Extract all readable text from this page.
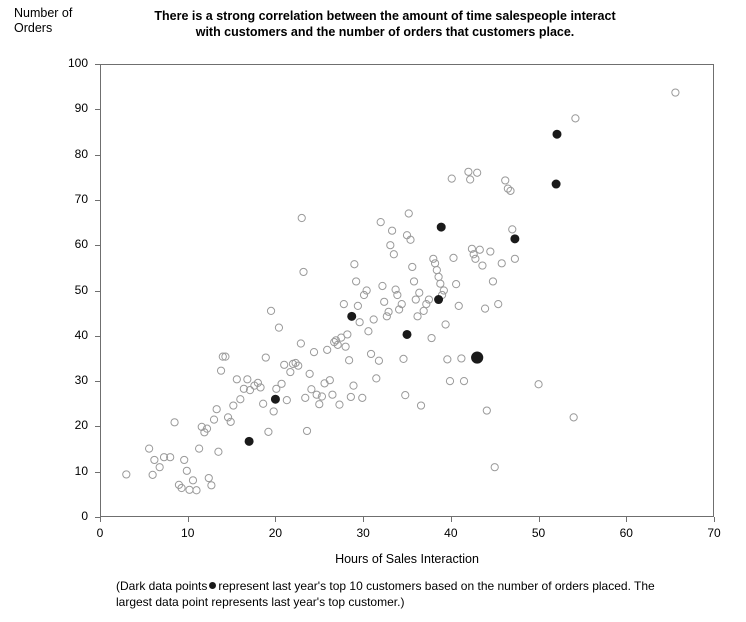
Number of
Orders
There is a strong correlation between the amount of time salespeople interact with customers and the number of orders that customers place.
0
10
20
30
40
50
60
70
80
90
100
0	10	20	30	40	50	60	70
Hours of Sales Interaction
(Dark data points represent last year's top 10 customers based on the number of orders placed. The largest data point represents last year's top customer.)
